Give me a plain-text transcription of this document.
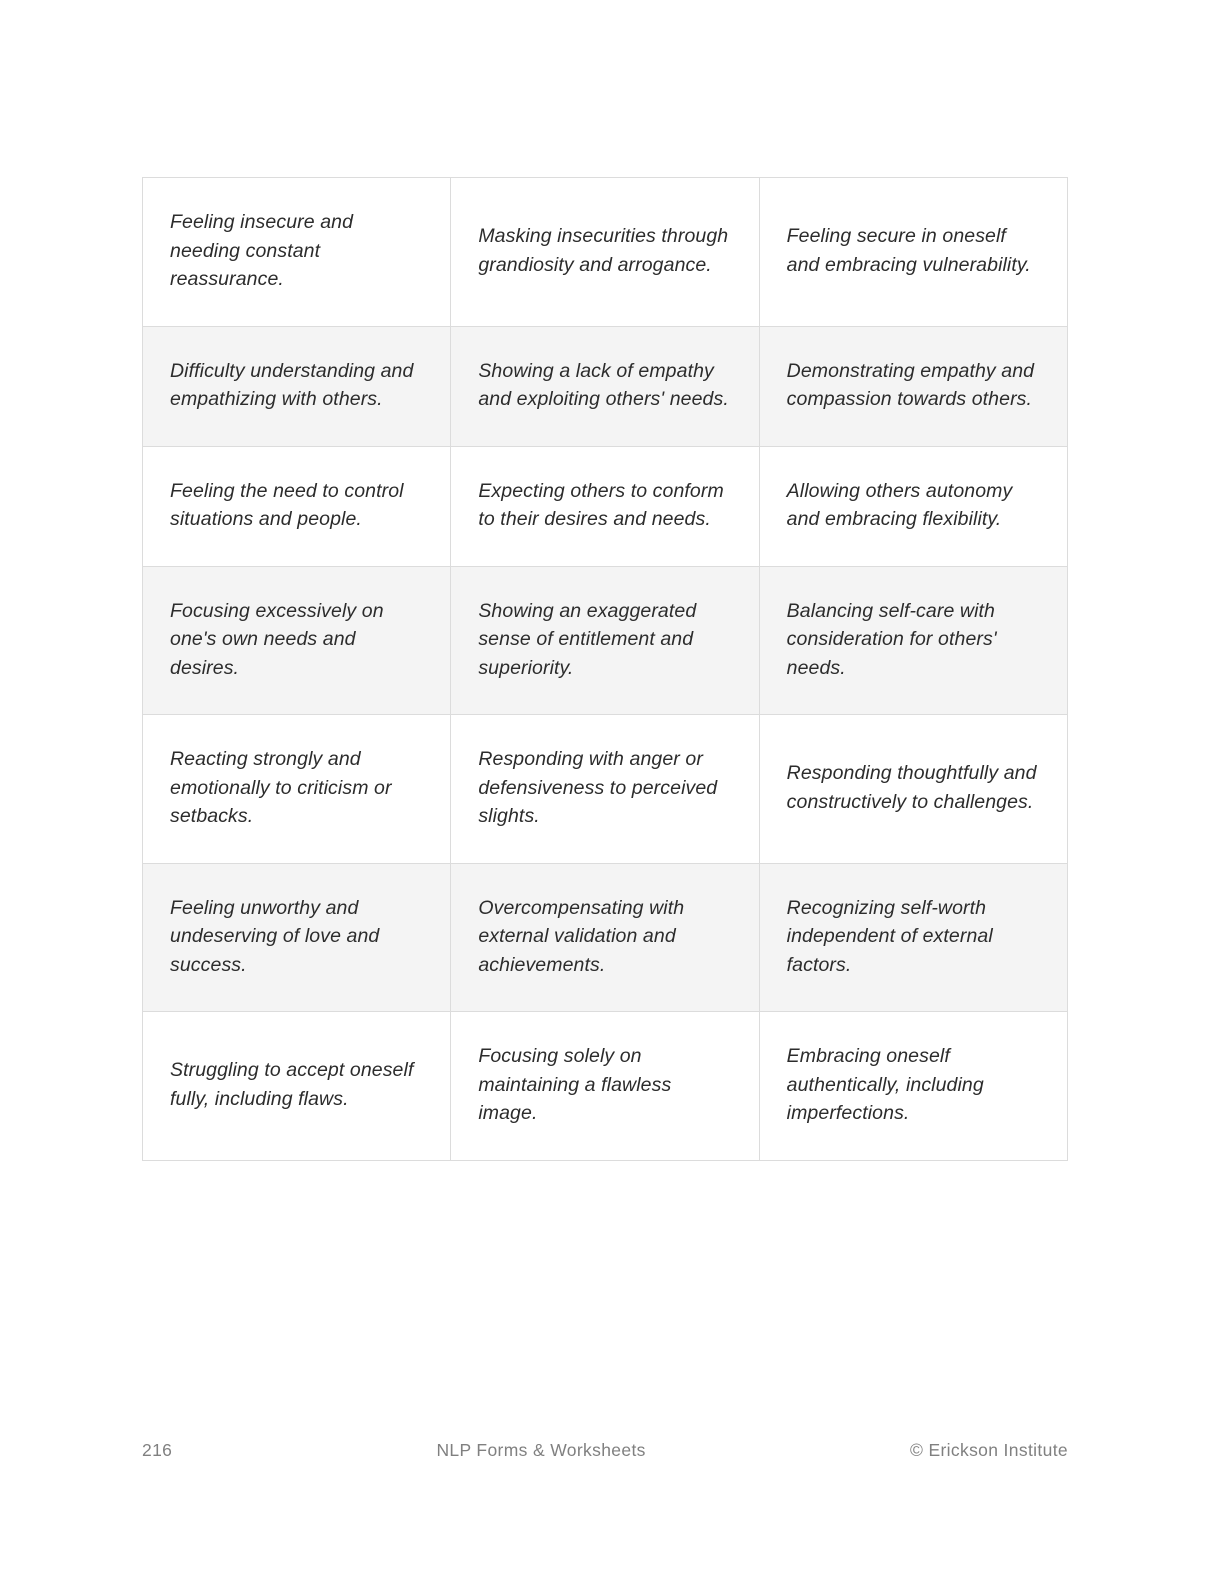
Feeling insecure and needing constant reassurance.	Masking insecurities through grandiosity and arrogance.	Feeling secure in oneself and embracing vulnerability.

Difficulty understanding and empathizing with others.	Showing a lack of empathy and exploiting others' needs.	Demonstrating empathy and compassion towards others.

Feeling the need to control situations and people.	Expecting others to conform to their desires and needs.	Allowing others autonomy and embracing flexibility.

Focusing excessively on one's own needs and desires.	Showing an exaggerated sense of entitlement and superiority.	Balancing self-care with consideration for others' needs.

Reacting strongly and emotionally to criticism or setbacks.	Responding with anger or defensiveness to perceived slights.	Responding thoughtfully and constructively to challenges.

Feeling unworthy and undeserving of love and success.	Overcompensating with external validation and achievements.	Recognizing self-worth independent of external factors.

Struggling to accept oneself fully, including flaws.	Focusing solely on maintaining a flawless image.	Embracing oneself authentically, including imperfections.
216	NLP Forms & Worksheets	© Erickson Institute
